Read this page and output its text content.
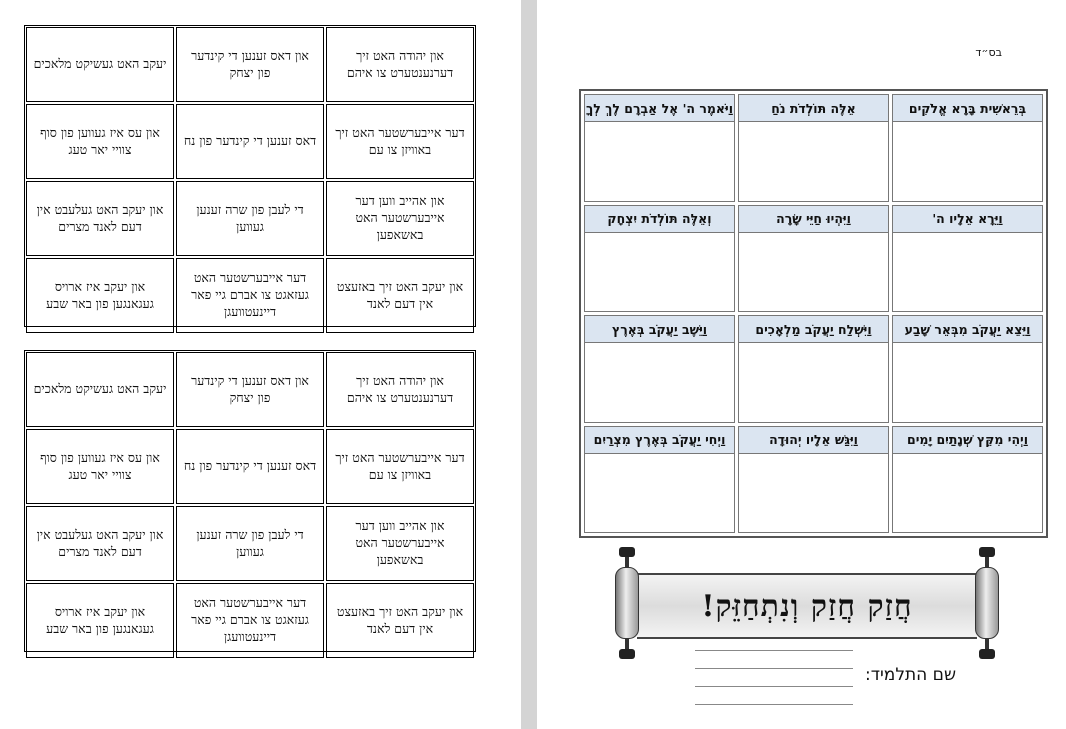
יעקב האט געשיקט מלאכים
און דאס זענען די קינדער פון יצחק
און יהודה האט זיך דערנענטערט צו איהם
און עס איז געווען פון סוף צוויי יאר טעג
דאס זענען די קינדער פון נח
דער אייבערשטער האט זיך באוויזן צו עם
און יעקב האט געלעבט אין דעם לאנד מצרים
די לעבן פון שרה זענען געווען
און אהייב ווען דער אייבערשטער האט באשאפען
און יעקב איז ארויס געגאנגען פון באר שבע
דער אייבערשטער האט געזאגט צו אברם גיי פאר דיינעטוועגן
און יעקב האט זיך באזעצט אין דעם לאנד
יעקב האט געשיקט מלאכים
און דאס זענען די קינדער פון יצחק
און יהודה האט זיך דערנענטערט צו איהם
און עס איז געווען פון סוף צוויי יאר טעג
דאס זענען די קינדער פון נח
דער אייבערשטער האט זיך באוויזן צו עם
און יעקב האט געלעבט אין דעם לאנד מצרים
די לעבן פון שרה זענען געווען
און אהייב ווען דער אייבערשטער האט באשאפען
און יעקב איז ארויס געגאנגען פון באר שבע
דער אייבערשטער האט געזאגט צו אברם גיי פאר דיינעטוועגן
און יעקב האט זיך באזעצט אין דעם לאנד
בס״ד
בְּרֵאשִׁית בָּרָא אֱלֹקִים
אֵלֶּה תּוֹלְדֹת נֹחַ
וַיֹּאמֶר ה' אֶל אַבְרָם לֶךְ לְךָ
וַיֵּרָא אֵלָיו ה'
וַיִּהְיוּ חַיֵּי שָׂרָה
וְאֵלֶּה תּוֹלְדֹת יִצְחָק
וַיֵּצֵא יַעֲקֹב מִבְּאֵר שָׁבַע
וַיִּשְׁלַח יַעֲקֹב מַלְאָכִים
וַיֵּשֶׁב יַעֲקֹב בְּאֶרֶץ
וַיְהִי מִקֵּץ שְׁנָתַיִם יָמִים
וַיִּגַּשׁ אֵלָיו יְהוּדָה
וַיְחִי יַעֲקֹב בְּאֶרֶץ מִצְרַיִם
חֲזַק חֲזַק וְנִתְחַזֵּק!
שם התלמיד:
